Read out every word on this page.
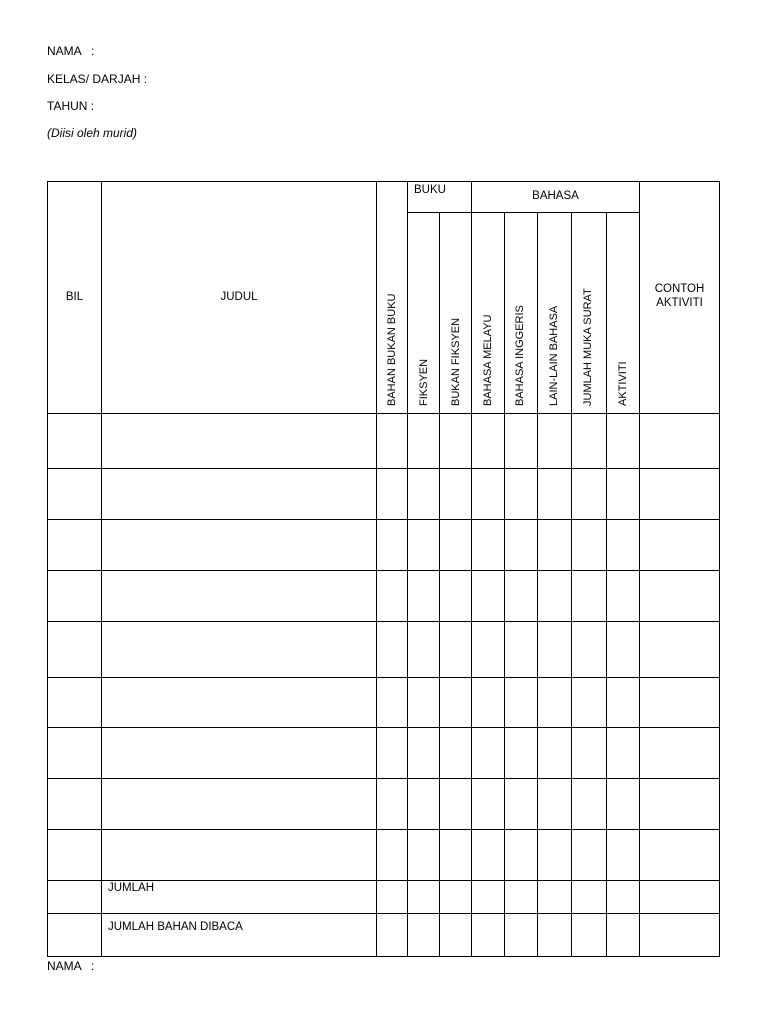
NAMA   :
KELAS/ DARJAH :
TAHUN :
(Diisi oleh murid)
BIL	JUDUL
BUKU	BAHASA
CONTOH
AKTIVITI
BAHAN BUKAN BUKU FIKSYEN BUKAN FIKSYEN BAHASA MELAYU BAHASA INGGERIS LAIN-LAIN BAHASA JUMLAH MUKA SURAT AKTIVITI
JUMLAH
JUMLAH BAHAN DIBACA
NAMA   :
